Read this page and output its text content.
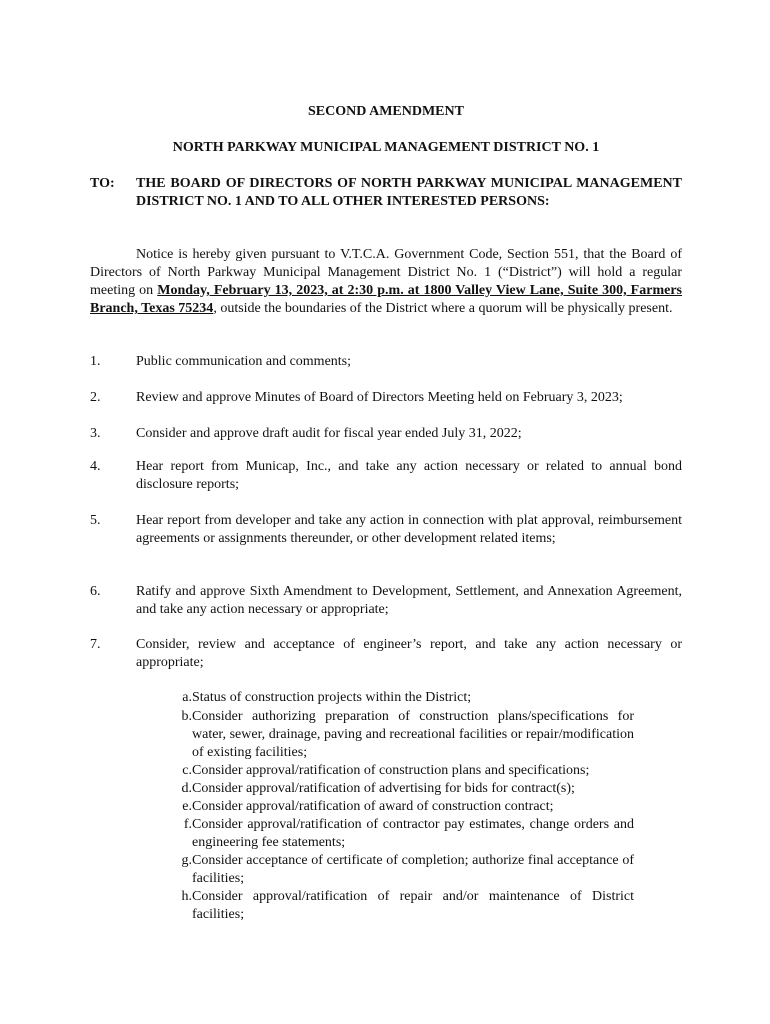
SECOND AMENDMENT
NORTH PARKWAY MUNICIPAL MANAGEMENT DISTRICT NO. 1
TO: THE BOARD OF DIRECTORS OF NORTH PARKWAY MUNICIPAL MANAGEMENT DISTRICT NO. 1 AND TO ALL OTHER INTERESTED PERSONS:
Notice is hereby given pursuant to V.T.C.A. Government Code, Section 551, that the Board of Directors of North Parkway Municipal Management District No. 1 (“District”) will hold a regular meeting on Monday, February 13, 2023, at 2:30 p.m. at 1800 Valley View Lane, Suite 300, Farmers Branch, Texas 75234, outside the boundaries of the District where a quorum will be physically present.
1.	Public communication and comments;
2.	Review and approve Minutes of Board of Directors Meeting held on February 3, 2023;
3.	Consider and approve draft audit for fiscal year ended July 31, 2022;
4.	Hear report from Municap, Inc., and take any action necessary or related to annual bond disclosure reports;
5.	Hear report from developer and take any action in connection with plat approval, reimbursement agreements or assignments thereunder, or other development related items;
6.	Ratify and approve Sixth Amendment to Development, Settlement, and Annexation Agreement, and take any action necessary or appropriate;
7.	Consider, review and acceptance of engineer’s report, and take any action necessary or appropriate;
a. Status of construction projects within the District;
b. Consider authorizing preparation of construction plans/specifications for water, sewer, drainage, paving and recreational facilities or repair/modification of existing facilities;
c. Consider approval/ratification of construction plans and specifications;
d. Consider approval/ratification of advertising for bids for contract(s);
e. Consider approval/ratification of award of construction contract;
f. Consider approval/ratification of contractor pay estimates, change orders and engineering fee statements;
g. Consider acceptance of certificate of completion; authorize final acceptance of facilities;
h. Consider approval/ratification of repair and/or maintenance of District facilities;
